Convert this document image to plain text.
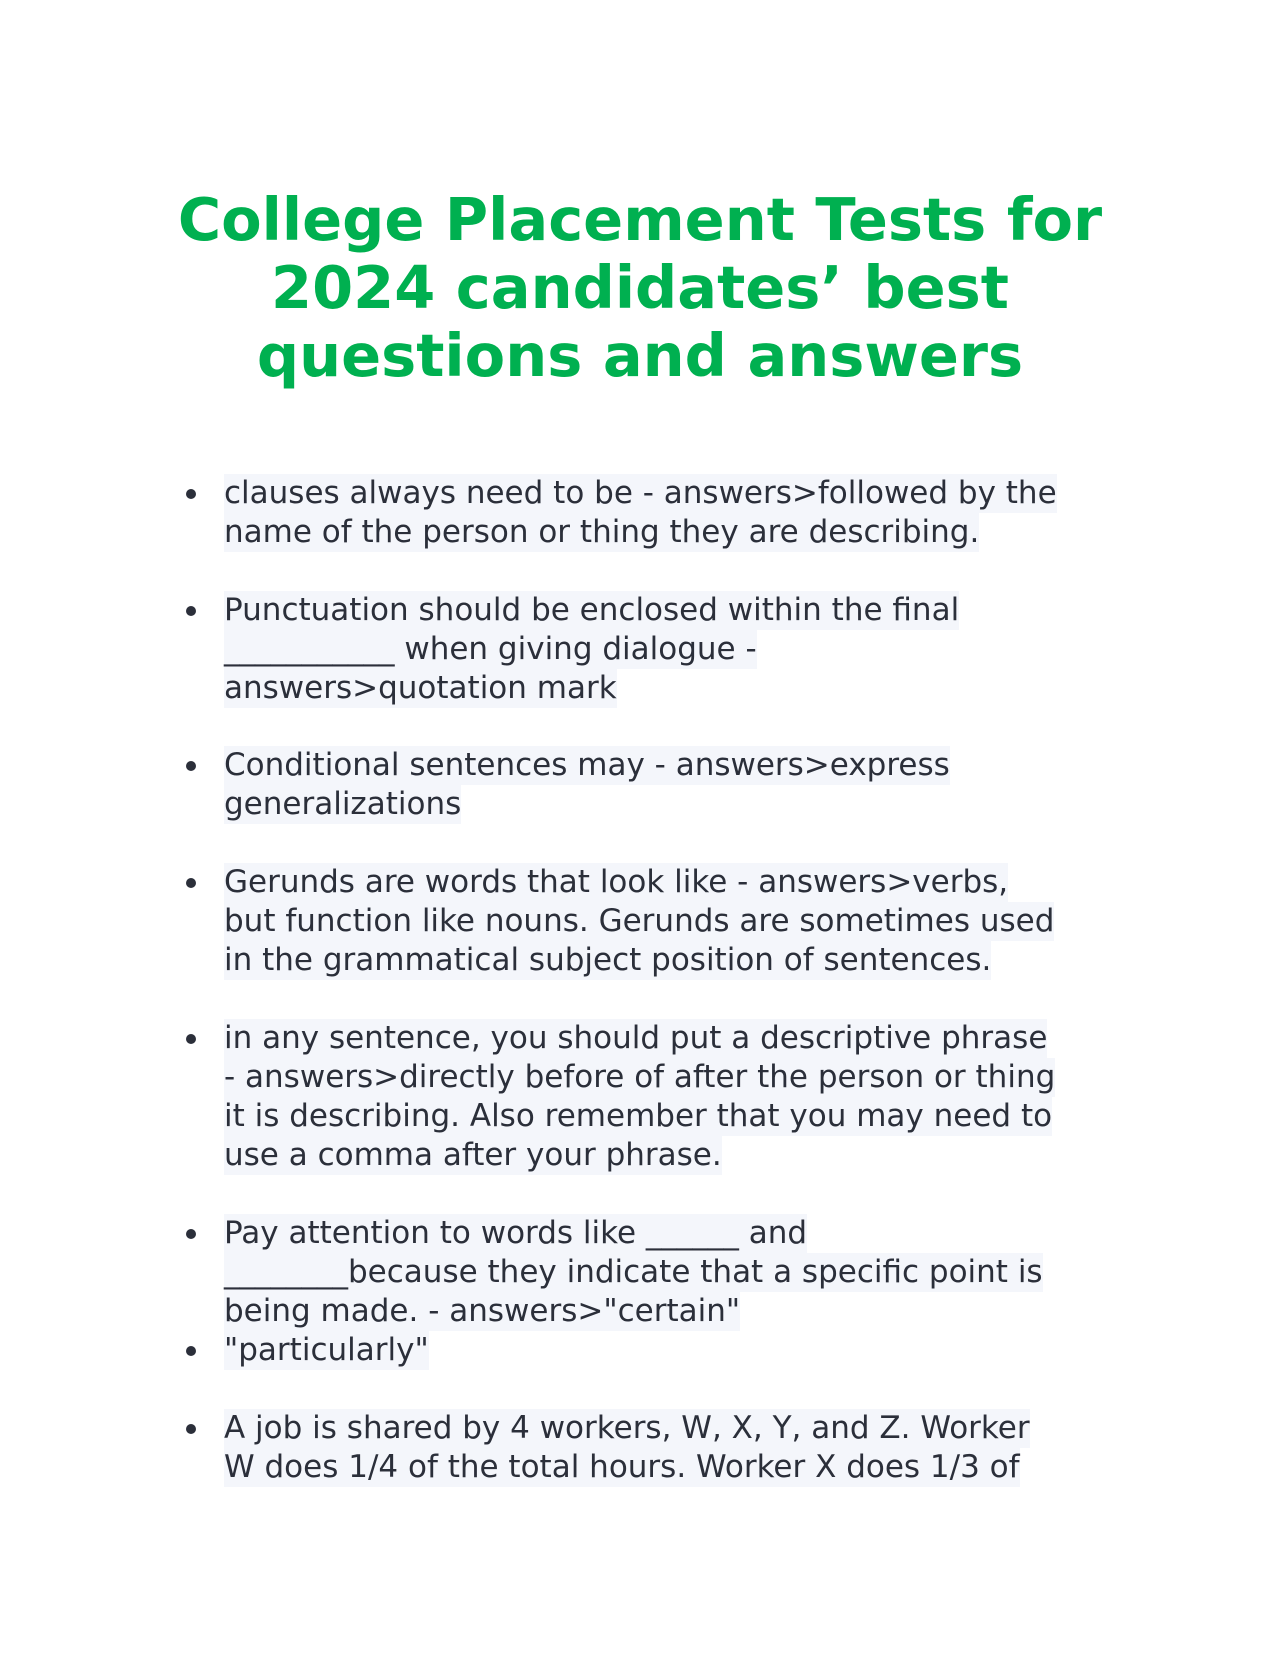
College Placement Tests for
2024 candidates’ best
questions and answers
clauses always need to be - answers>followed by the
name of the person or thing they are describing.
Punctuation should be enclosed within the final
___________ when giving dialogue -
answers>quotation mark
Conditional sentences may - answers>express
generalizations
Gerunds are words that look like - answers>verbs,
but function like nouns. Gerunds are sometimes used
in the grammatical subject position of sentences.
in any sentence, you should put a descriptive phrase
- answers>directly before of after the person or thing
it is describing. Also remember that you may need to
use a comma after your phrase.
Pay attention to words like ______ and
________because they indicate that a specific point is
being made. - answers>"certain"
"particularly"
A job is shared by 4 workers, W, X, Y, and Z. Worker
W does 1/4 of the total hours. Worker X does 1/3 of
